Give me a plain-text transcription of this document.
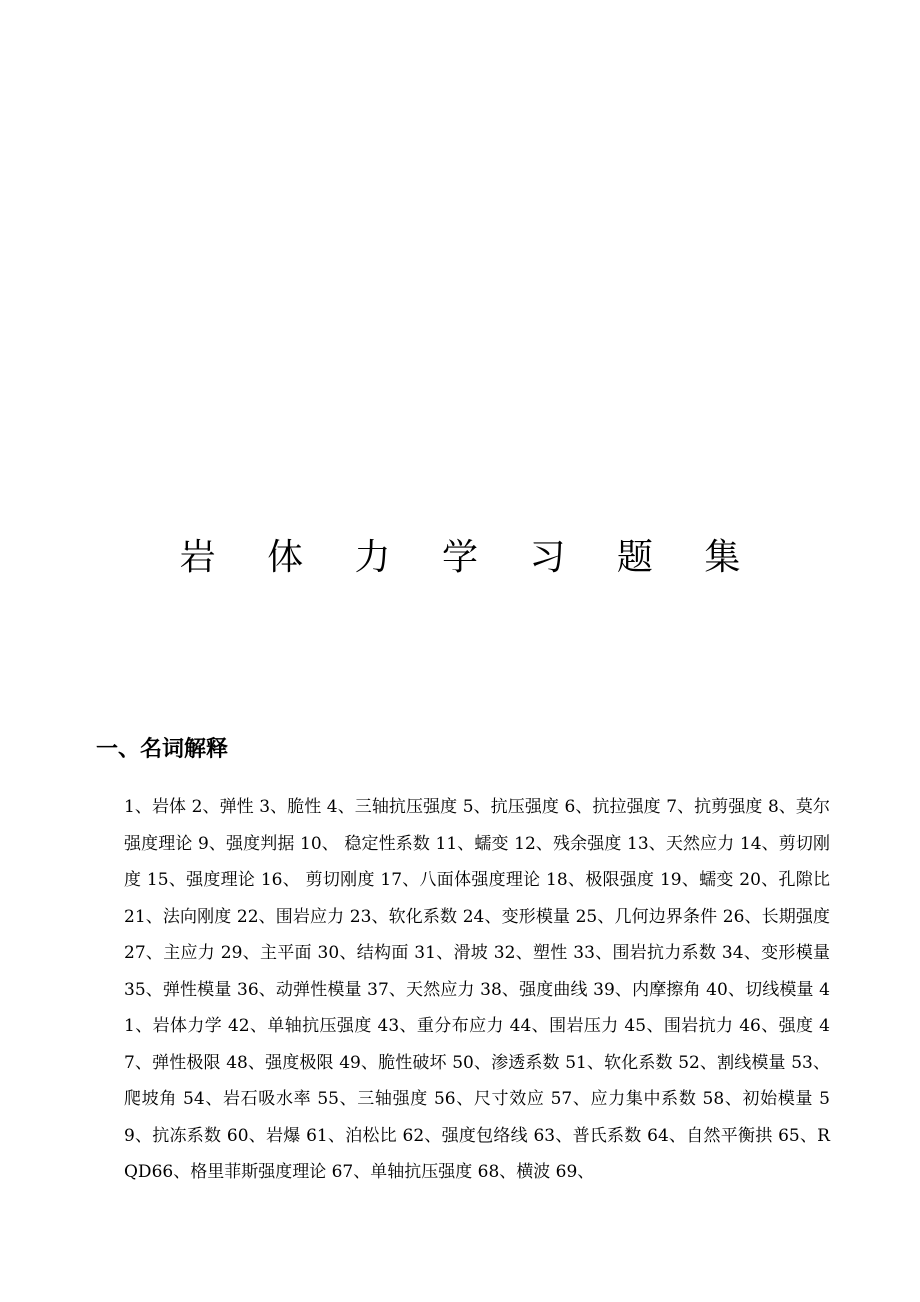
岩 体 力 学 习 题 集
一、名词解释

1、岩体 2、弹性 3、脆性 4、三轴抗压强度 5、抗压强度 6、抗拉强度 7、抗剪强度 8、莫尔强度理论 9、强度判据 10、 稳定性系数 11、蠕变 12、残余强度 13、天然应力 14、剪切刚度 15、强度理论 16、 剪切刚度 17、八面体强度理论 18、极限强度 19、蠕变 20、孔隙比 21、法向刚度 22、围岩应力 23、软化系数 24、变形模量 25、几何边界条件 26、长期强度 27、主应力 29、主平面 30、结构面 31、滑坡 32、塑性 33、围岩抗力系数 34、变形模量 35、弹性模量 36、动弹性模量 37、天然应力 38、强度曲线 39、内摩擦角 40、切线模量 41、岩体力学 42、单轴抗压强度 43、重分布应力 44、围岩压力 45、围岩抗力 46、强度 47、弹性极限 48、强度极限 49、脆性破坏 50、渗透系数 51、软化系数 52、割线模量 53、爬坡角 54、岩石吸水率 55、三轴强度 56、尺寸效应 57、应力集中系数 58、初始模量 59、抗冻系数 60、岩爆 61、泊松比 62、强度包络线 63、普氏系数 64、自然平衡拱 65、RQD66、格里菲斯强度理论 67、单轴抗压强度 68、横波 69、
